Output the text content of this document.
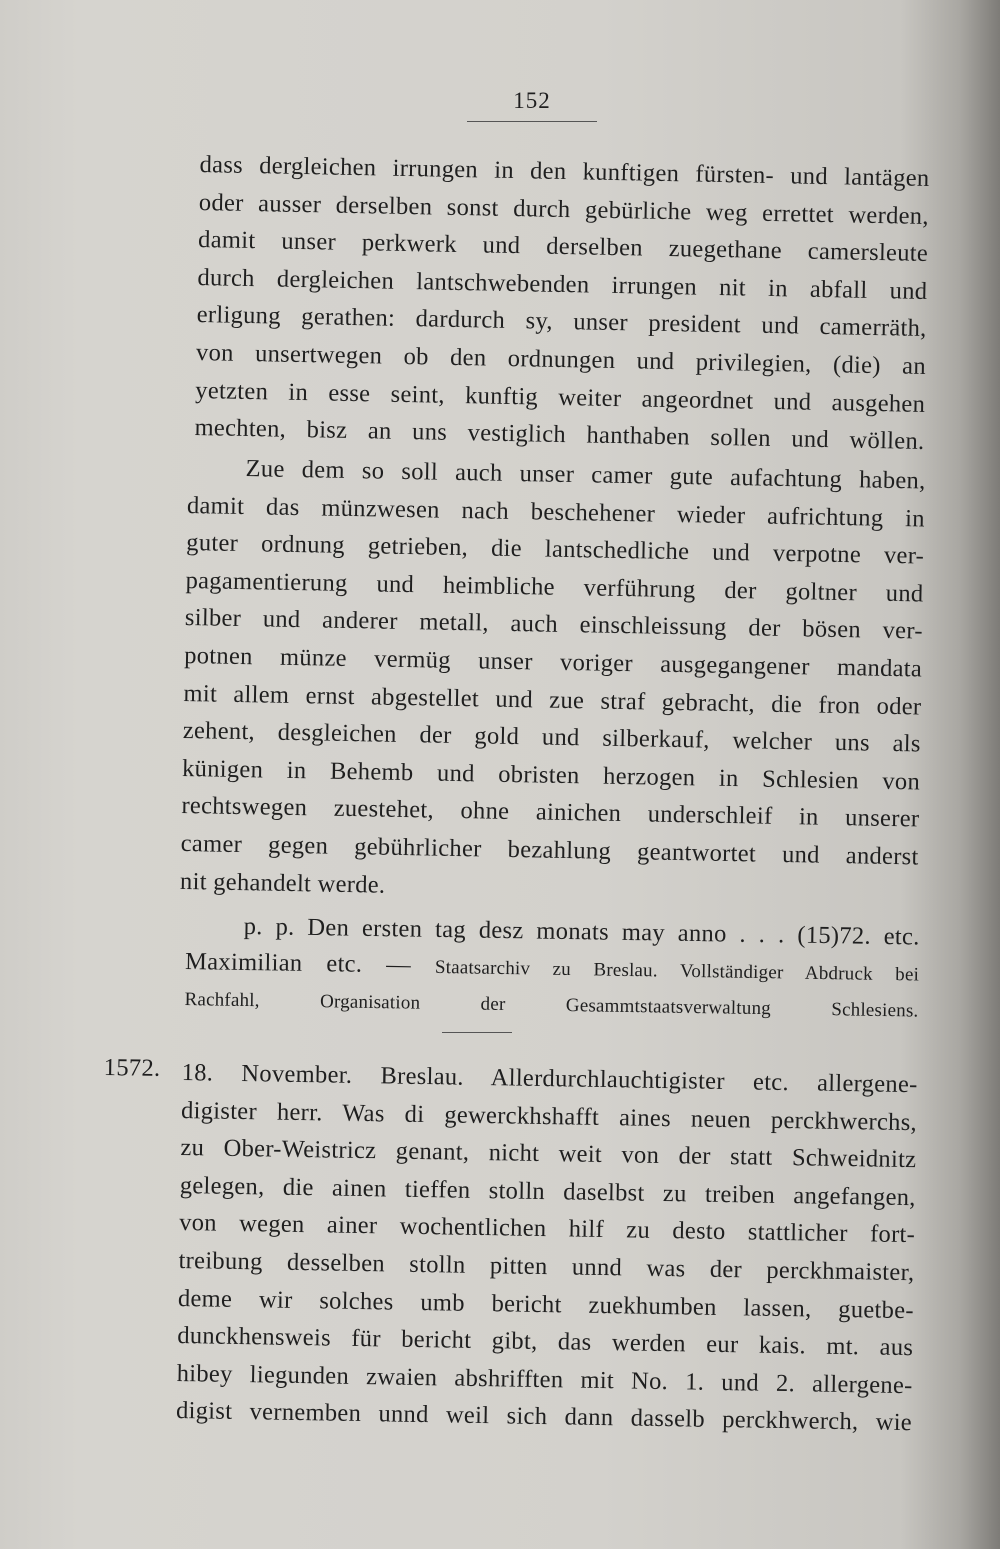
152
dass dergleichen irrungen in den kunftigen fürsten- und lantägen
oder ausser derselben sonst durch gebürliche weg errettet werden,
damit unser perkwerk und derselben zuegethane camersleute
durch dergleichen lantschwebenden irrungen nit in abfall und
erligung gerathen: dardurch sy, unser president und camerräth,
von unsertwegen ob den ordnungen und privilegien, (die) an
yetzten in esse seint, kunftig weiter angeordnet und ausgehen
mechten, bisz an uns vestiglich hanthaben sollen und wöllen.
Zue dem so soll auch unser camer gute aufachtung haben,
damit das münzwesen nach beschehener wieder aufrichtung in
guter ordnung getrieben, die lantschedliche und verpotne ver-
pagamentierung und heimbliche verführung der goltner und
silber und anderer metall, auch einschleissung der bösen ver-
potnen münze vermüg unser voriger ausgegangener mandata
mit allem ernst abgestellet und zue straf gebracht, die fron oder
zehent, desgleichen der gold und silberkauf, welcher uns als
künigen in Behemb und obristen herzogen in Schlesien von
rechtswegen zuestehet, ohne ainichen underschleif in unserer
camer gegen gebührlicher bezahlung geantwortet und anderst
nit gehandelt werde.
p. p. Den ersten tag desz monats may anno . . . (15)72. etc.
Maximilian etc. — Staatsarchiv zu Breslau. Vollständiger Abdruck bei
Rachfahl, Organisation der Gesammtstaatsverwaltung Schlesiens.
1572. 18. November. Breslau. Allerdurchlauchtigister etc. allergene-
digister herr. Was di gewerckhshafft aines neuen perckhwerchs,
zu Ober-Weistricz genant, nicht weit von der statt Schweidnitz
gelegen, die ainen tieffen stolln daselbst zu treiben angefangen,
von wegen ainer wochentlichen hilf zu desto stattlicher fort-
treibung desselben stolln pitten unnd was der perckhmaister,
deme wir solches umb bericht zuekhumben lassen, guetbe-
dunckhensweis für bericht gibt, das werden eur kais. mt. aus
hibey liegunden zwaien abshrifften mit No. 1. und 2. allergene-
digist vernemben unnd weil sich dann dasselb perckhwerch, wie
